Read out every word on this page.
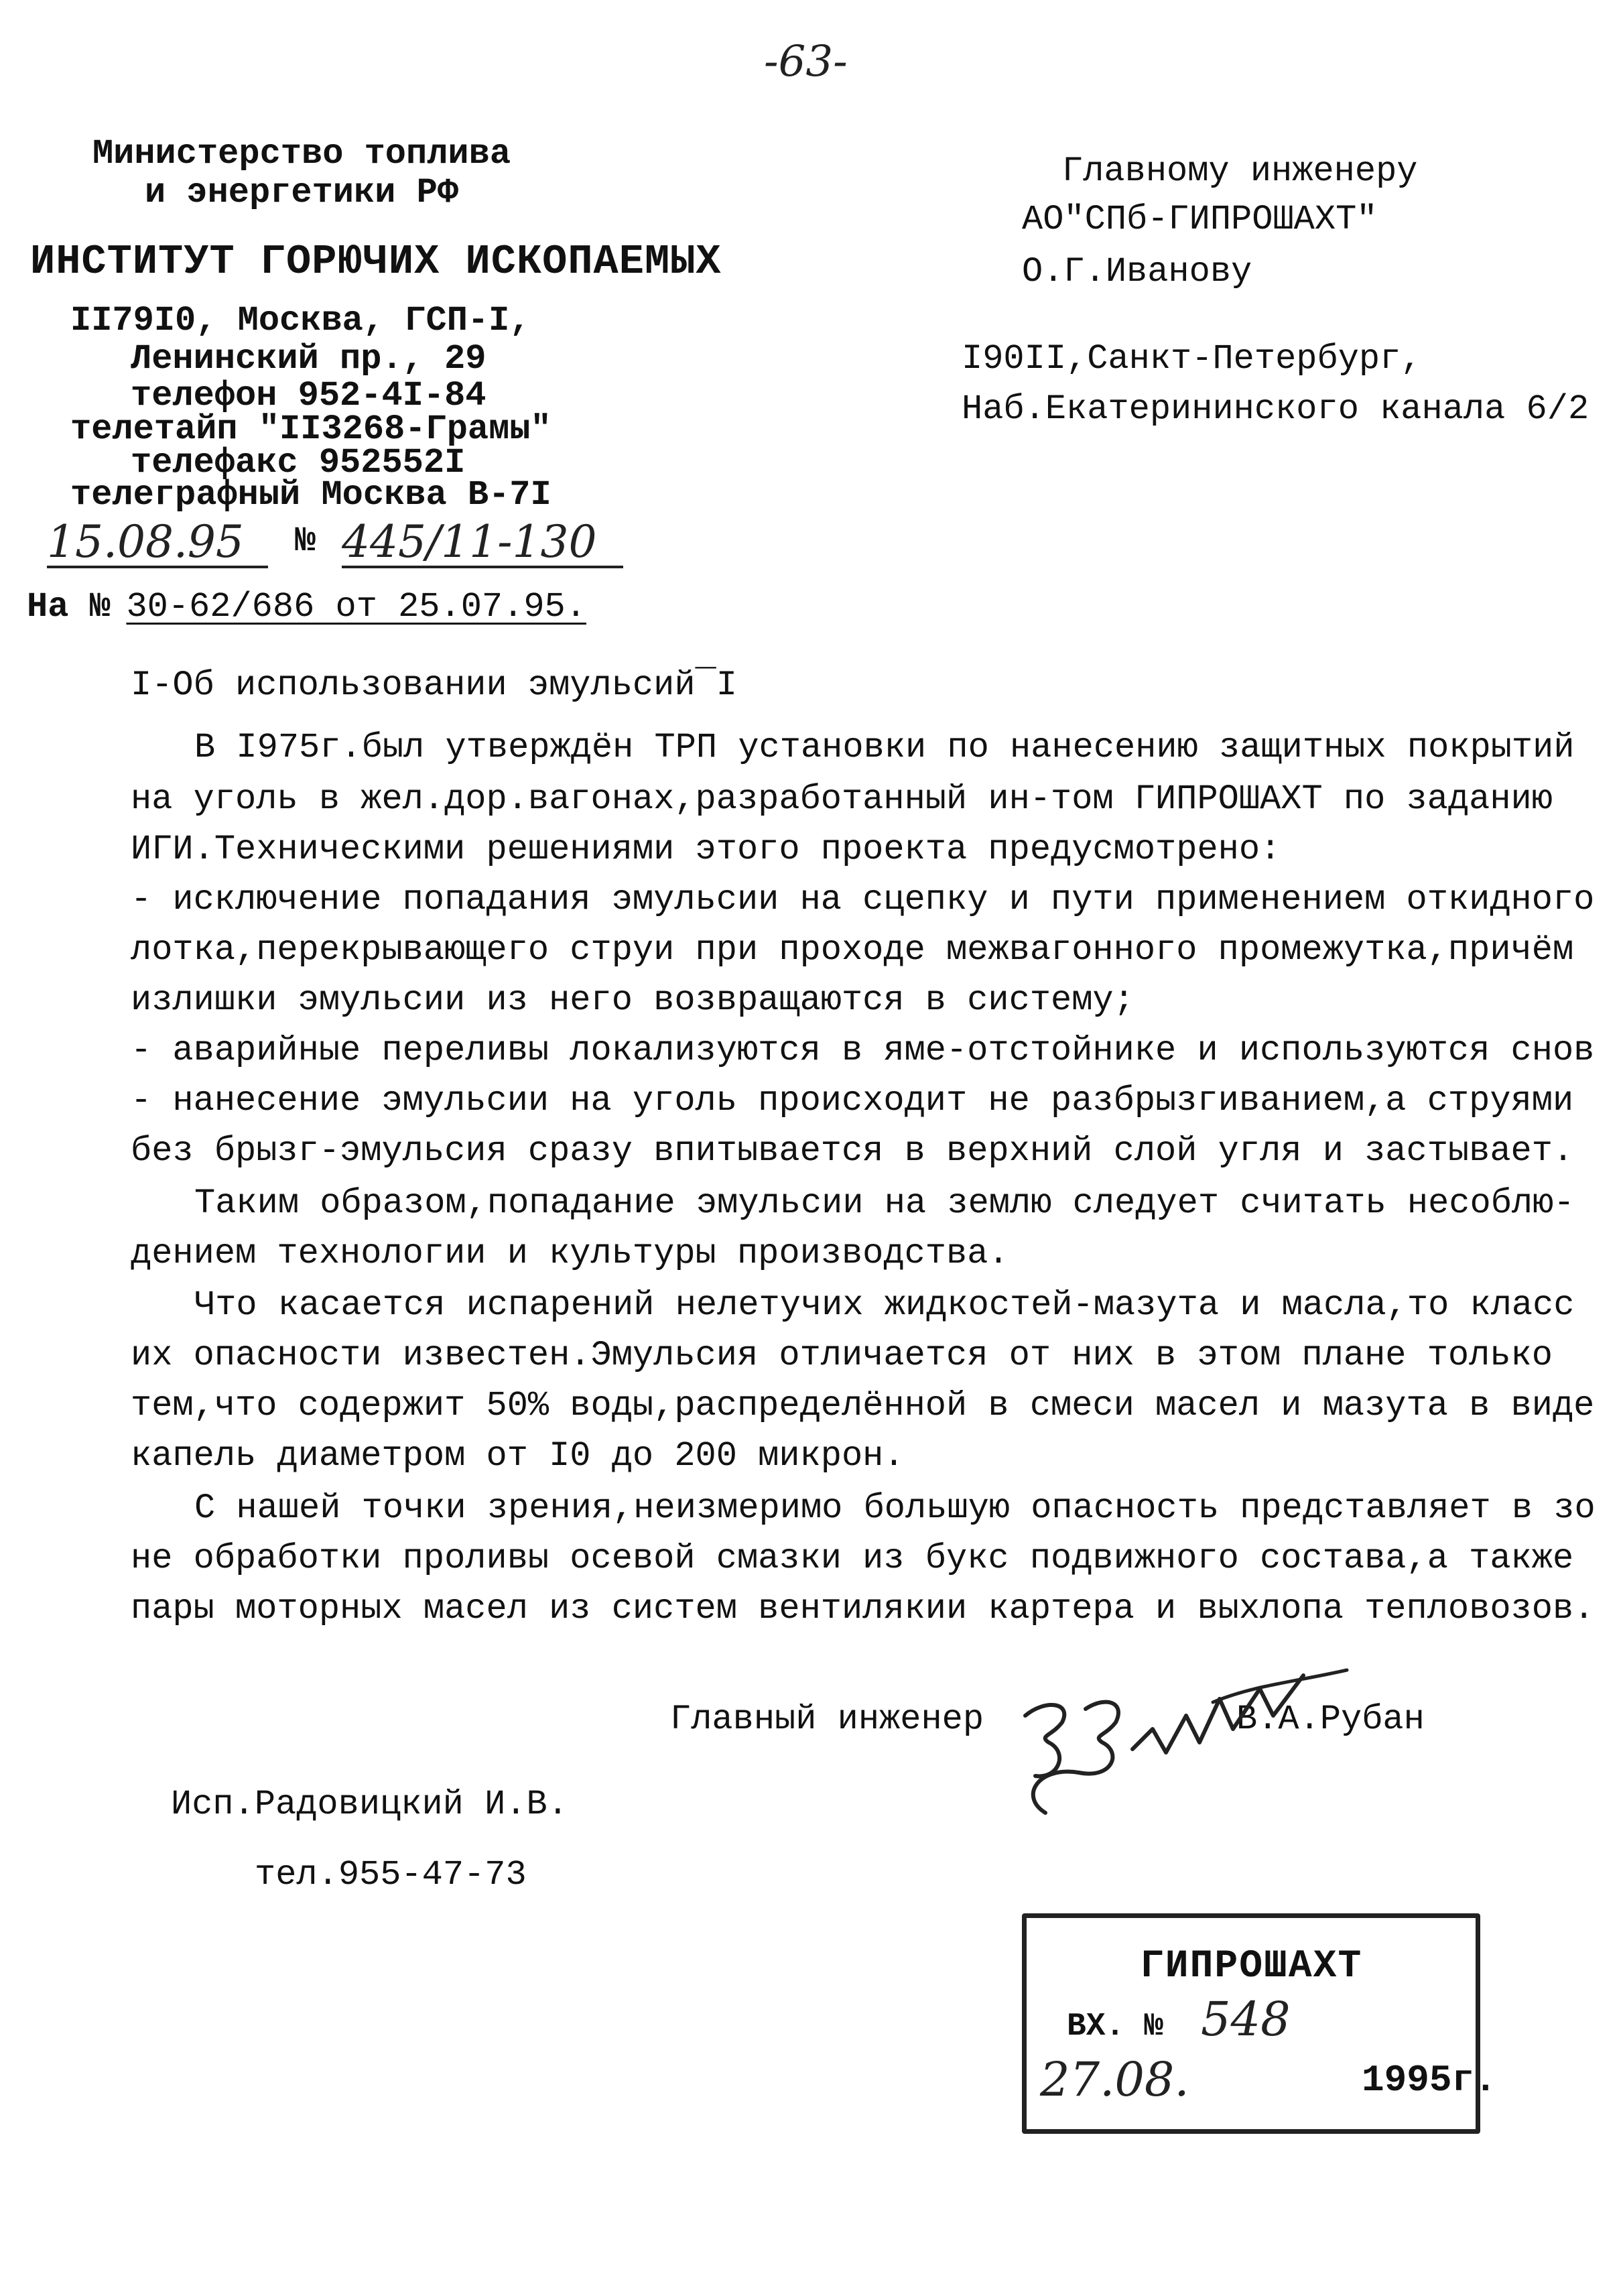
-63-
Министерство топлива
и энергетики РФ
ИНСТИТУТ ГОРЮЧИХ ИСКОПАЕМЫХ
II79I0, Москва, ГСП-I,
Ленинский пр., 29
телефон 952-4I-84
телетайп "II3268-Грамы"
телефакс 952552I
телеграфный Москва B-7I
15.08.95 № 445/11-130
На № 30-62/686 от 25.07.95.
Главному инженеру
АО"СПб-ГИПРОШАХТ"
О.Г.Иванову
I90II,Санкт-Петербург,
Наб.Екатерининского канала 6/2
I-Об использовании эмульсий¯I
В I975г.был утверждён ТРП установки по нанесению защитных покрытий
на уголь в жел.дор.вагонах,разработанный ин-том ГИПРОШАХТ по заданию
ИГИ.Техническими решениями этого проекта предусмотрено:
- исключение попадания эмульсии на сцепку и пути применением откидного
лотка,перекрывающего струи при проходе межвагонного промежутка,причём
излишки эмульсии из него возвращаются в систему;
- аварийные переливы локализуются в яме-отстойнике и используются снов
- нанесение эмульсии на уголь происходит не разбрызгиванием,а струями
без брызг-эмульсия сразу впитывается в верхний слой угля и застывает.
Таким образом,попадание эмульсии на землю следует считать несоблю-
дением технологии и культуры производства.
Что касается испарений нелетучих жидкостей-мазута и масла,то класс
их опасности известен.Эмульсия отличается от них в этом плане только
тем,что содержит 50% воды,распределённой в смеси масел и мазута в виде
капель диаметром от I0 до 200 микрон.
С нашей точки зрения,неизмеримо большую опасность представляет в зо
не обработки проливы осевой смазки из букс подвижного состава,а также
пары моторных масел из систем вентилякии картера и выхлопа тепловозов.
Главный инженер	В.А.Рубан
Исп.Радовицкий И.В.
тел.955-47-73
ГИПРОШАХТ
ВХ. № 548
27.08.	1995г.
